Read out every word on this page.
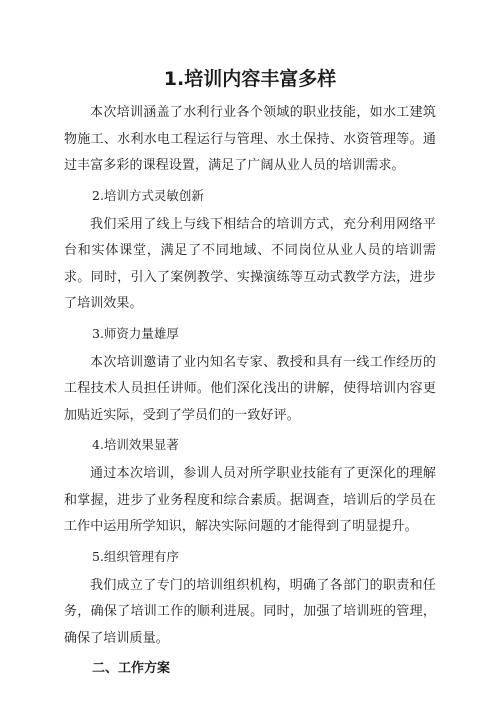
1.培训内容丰富多样

本次培训涵盖了水利行业各个领域的职业技能，如水工建筑物施工、水利水电工程运行与管理、水土保持、水资管理等。通过丰富多彩的课程设置，满足了广阔从业人员的培训需求。

2.培训方式灵敏创新

我们采用了线上与线下相结合的培训方式，充分利用网络平台和实体课堂，满足了不同地域、不同岗位从业人员的培训需求。同时，引入了案例教学、实操演练等互动式教学方法，进步了培训效果。

3.师资力量雄厚

本次培训邀请了业内知名专家、教授和具有一线工作经历的工程技术人员担任讲师。他们深化浅出的讲解，使得培训内容更加贴近实际，受到了学员们的一致好评。

4.培训效果显著

通过本次培训，参训人员对所学职业技能有了更深化的理解和掌握，进步了业务程度和综合素质。据调查，培训后的学员在工作中运用所学知识，解决实际问题的才能得到了明显提升。

5.组织管理有序

我们成立了专门的培训组织机构，明确了各部门的职责和任务，确保了培训工作的顺利进展。同时，加强了培训班的管理，确保了培训质量。

二、工作方案
